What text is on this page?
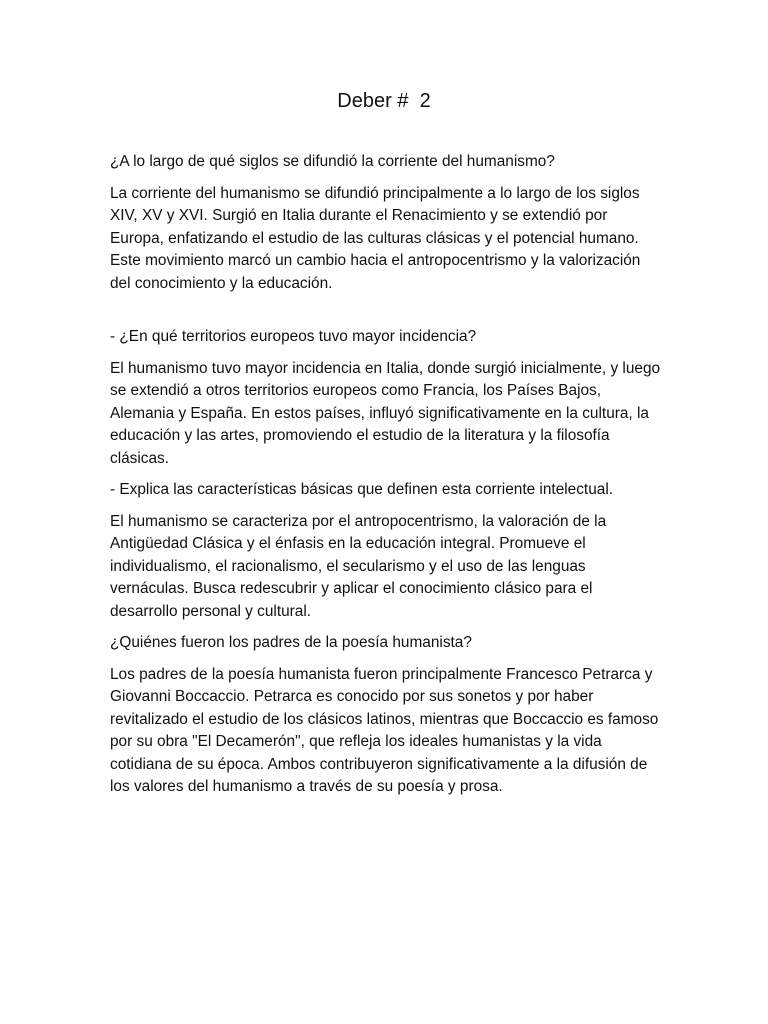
Deber #  2

¿A lo largo de qué siglos se difundió la corriente del humanismo?

La corriente del humanismo se difundió principalmente a lo largo de los siglos XIV, XV y XVI. Surgió en Italia durante el Renacimiento y se extendió por Europa, enfatizando el estudio de las culturas clásicas y el potencial humano. Este movimiento marcó un cambio hacia el antropocentrismo y la valorización del conocimiento y la educación.

- ¿En qué territorios europeos tuvo mayor incidencia?

El humanismo tuvo mayor incidencia en Italia, donde surgió inicialmente, y luego se extendió a otros territorios europeos como Francia, los Países Bajos, Alemania y España. En estos países, influyó significativamente en la cultura, la educación y las artes, promoviendo el estudio de la literatura y la filosofía clásicas.

- Explica las características básicas que definen esta corriente intelectual.

El humanismo se caracteriza por el antropocentrismo, la valoración de la Antigüedad Clásica y el énfasis en la educación integral. Promueve el individualismo, el racionalismo, el secularismo y el uso de las lenguas vernáculas. Busca redescubrir y aplicar el conocimiento clásico para el desarrollo personal y cultural.

¿Quiénes fueron los padres de la poesía humanista?

Los padres de la poesía humanista fueron principalmente Francesco Petrarca y Giovanni Boccaccio. Petrarca es conocido por sus sonetos y por haber revitalizado el estudio de los clásicos latinos, mientras que Boccaccio es famoso por su obra "El Decamerón", que refleja los ideales humanistas y la vida cotidiana de su época. Ambos contribuyeron significativamente a la difusión de los valores del humanismo a través de su poesía y prosa.
